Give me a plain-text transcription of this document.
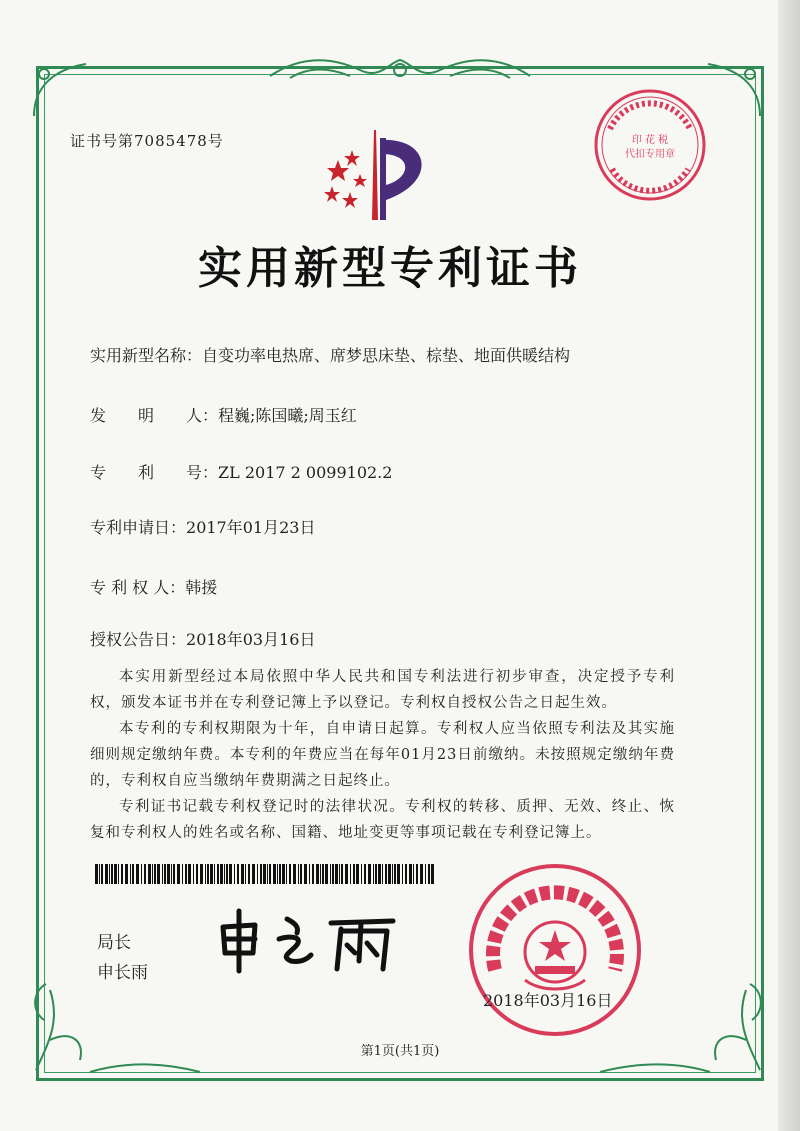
证书号第7085478号
实用新型专利证书
实用新型名称：自变功率电热席、席梦思床垫、棕垫、地面供暖结构
发　　明　　人：程巍;陈国曦;周玉红
专　　利　　号：ZL 2017 2 0099102.2
专利申请日：2017年01月23日
专 利 权 人：韩援
授权公告日：2018年03月16日

本实用新型经过本局依照中华人民共和国专利法进行初步审查，决定授予专利权，颁发本证书并在专利登记簿上予以登记。专利权自授权公告之日起生效。

本专利的专利权期限为十年，自申请日起算。专利权人应当依照专利法及其实施细则规定缴纳年费。本专利的年费应当在每年01月23日前缴纳。未按照规定缴纳年费的，专利权自应当缴纳年费期满之日起终止。

专利证书记载专利权登记时的法律状况。专利权的转移、质押、无效、终止、恢复和专利权人的姓名或名称、国籍、地址变更等事项记载在专利登记簿上。

局长
申长雨
印 花 税
代扣专用章
2018年03月16日
第1页(共1页)
